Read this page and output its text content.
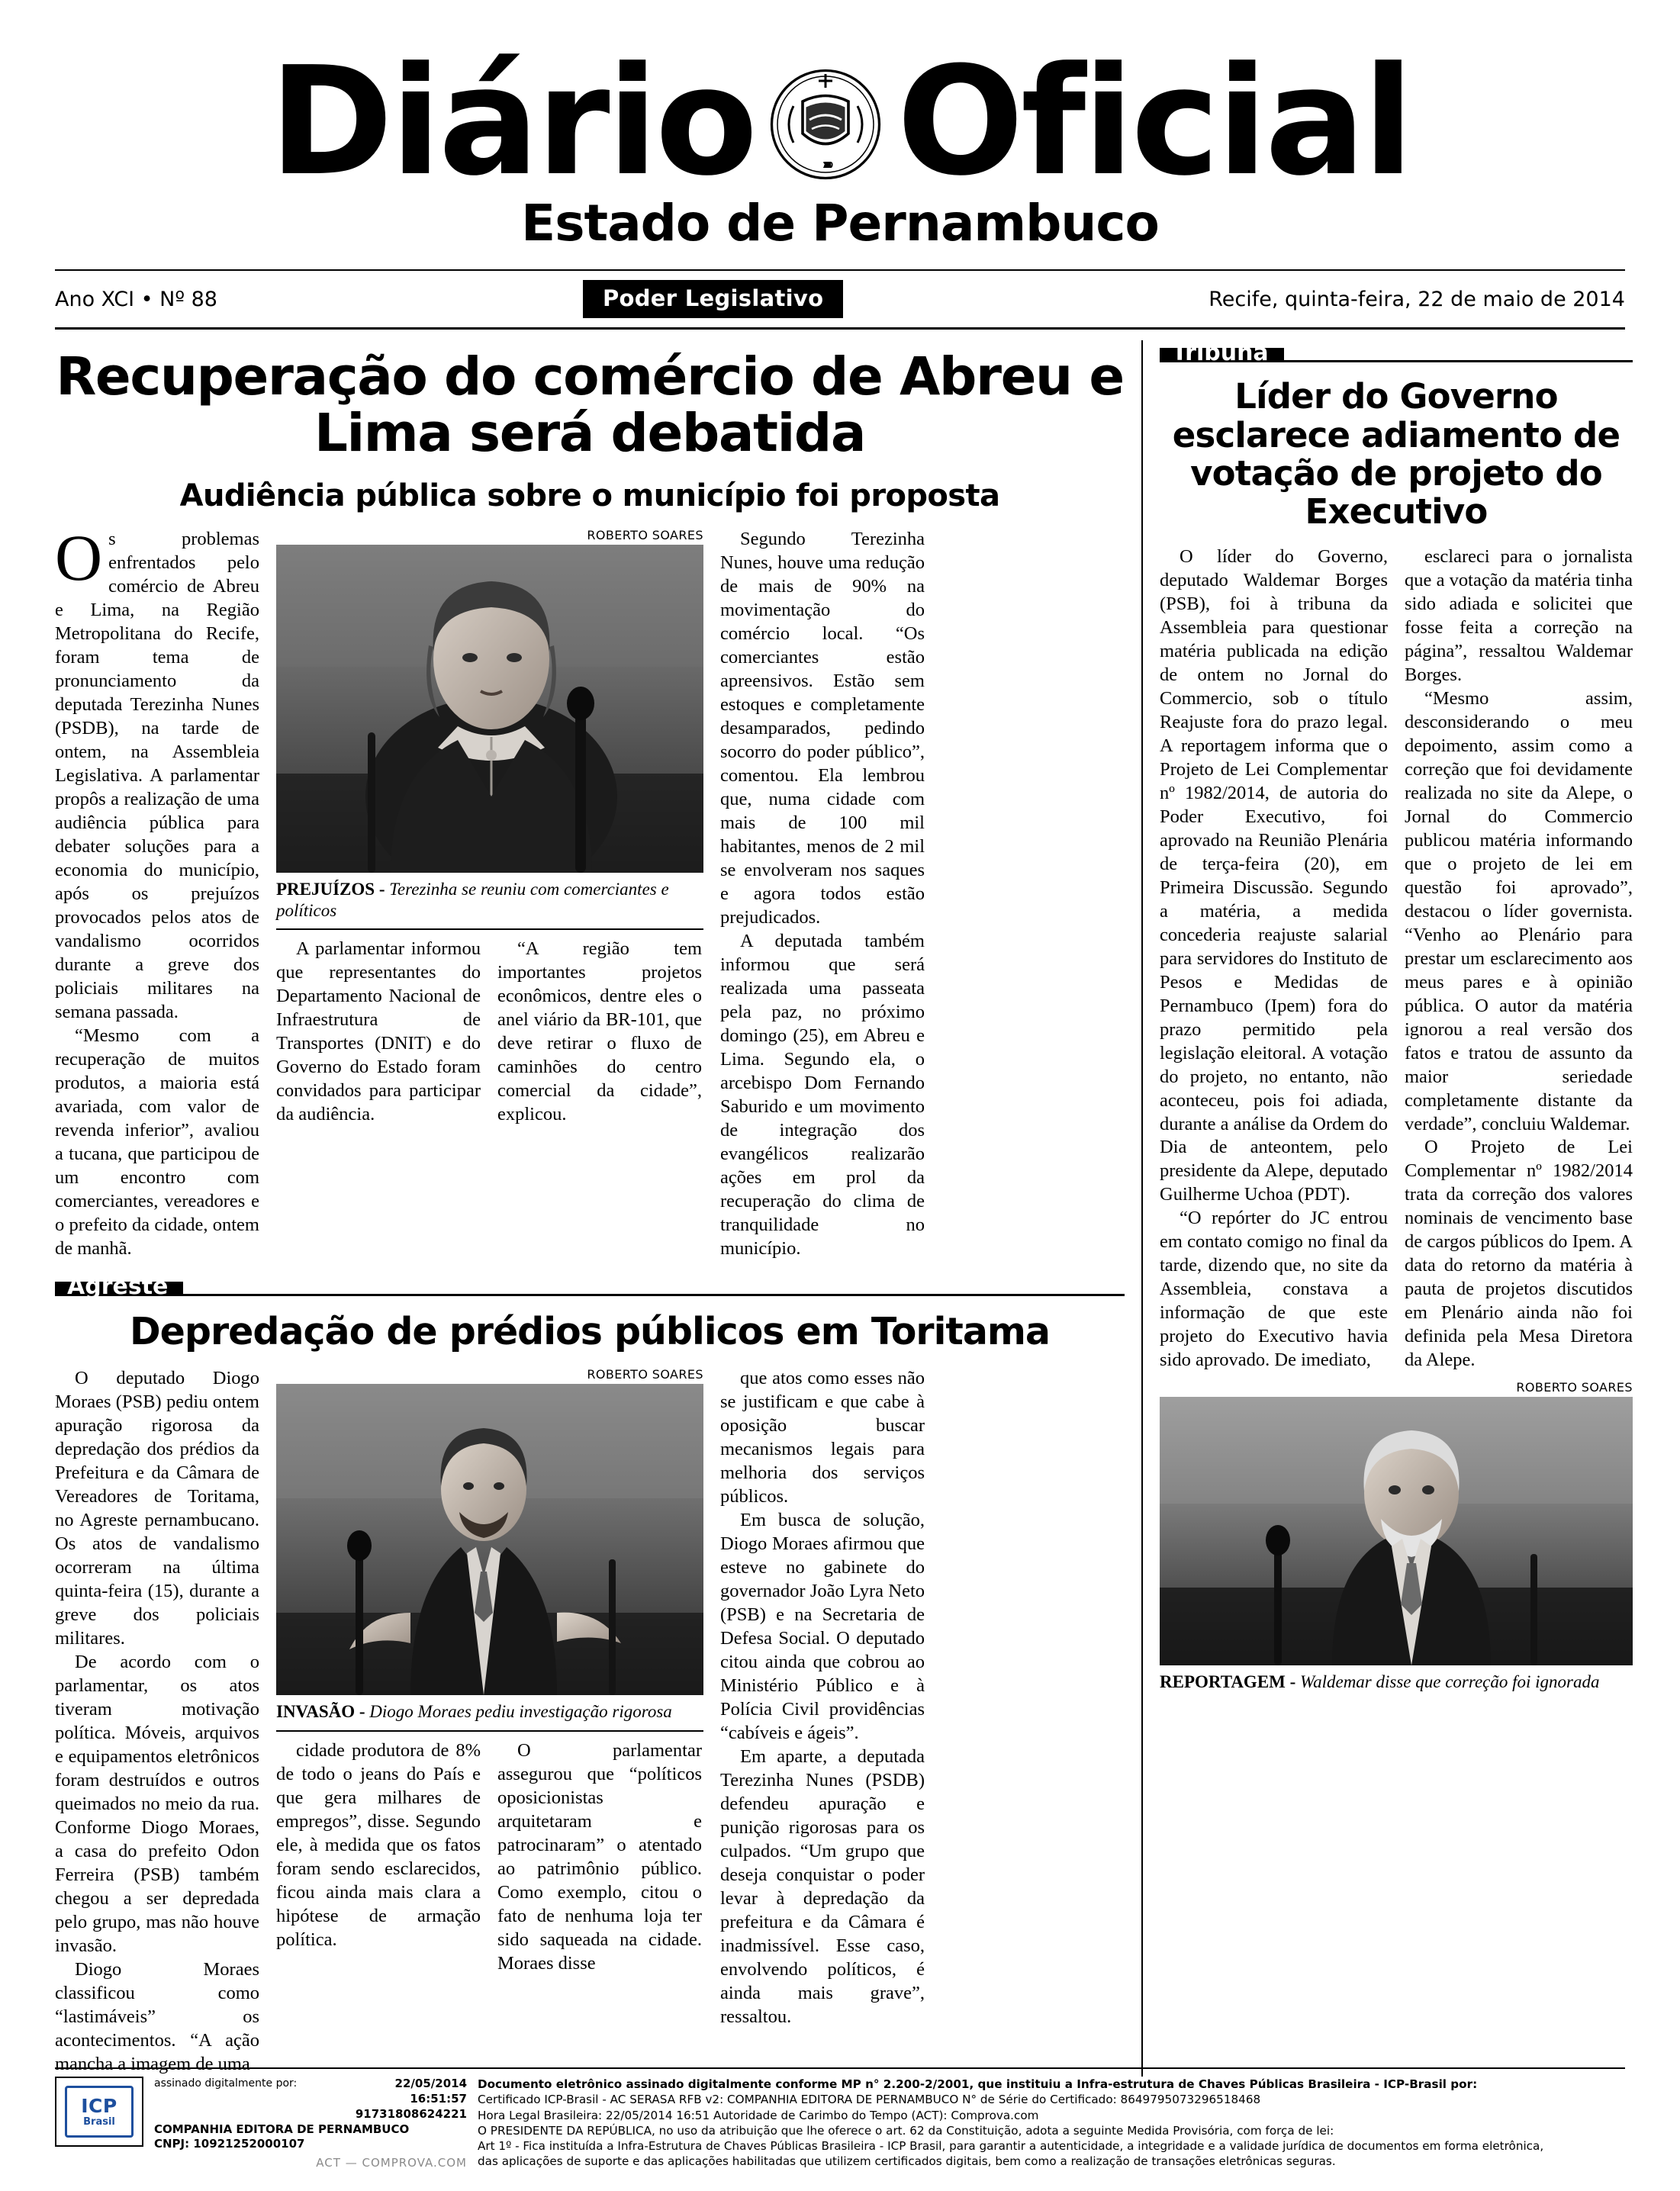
Diário	1710 · 1824 · 1825 Oficial
Estado de Pernambuco
Ano XCI • Nº 88	Poder Legislativo	Recife, quinta-feira, 22 de maio de 2014
Recuperação do comércio de Abreu e Lima será debatida
Audiência pública sobre o município foi proposta

Os problemas enfrentados pelo comércio de Abreu e Lima, na Região Metropolitana do Recife, foram tema de pronunciamento da deputada Terezinha Nunes (PSDB), na tarde de ontem, na Assembleia Legislativa. A parlamentar propôs a realização de uma audiência pública para debater soluções para a economia do município, após os prejuízos provocados pelos atos de vandalismo ocorridos durante a greve dos policiais militares na semana passada.

“Mesmo com a recuperação de muitos produtos, a maioria está avariada, com valor de revenda inferior”, avaliou a tucana, que participou de um encontro com comerciantes, vereadores e o prefeito da cidade, ontem de manhã.

ROBERTO SOARES
PREJUÍZOS - Terezinha se reuniu com comerciantes e políticos

A parlamentar informou que representantes do Departamento Nacional de Infraestrutura de Transportes (DNIT) e do Governo do Estado foram convidados para participar da audiência.

“A região tem importantes projetos econômicos, dentre eles o anel viário da BR-101, que deve retirar o fluxo de caminhões do centro comercial da cidade”, explicou.

Segundo Terezinha Nunes, houve uma redução de mais de 90% na movimentação do comércio local. “Os comerciantes estão apreensivos. Estão sem estoques e completamente desamparados, pedindo socorro do poder público”, comentou. Ela lembrou que, numa cidade com mais de 100 mil habitantes, menos de 2 mil se envolveram nos saques e agora todos estão prejudicados.

A deputada também informou que será realizada uma passeata pela paz, no próximo domingo (25), em Abreu e Lima. Segundo ela, o arcebispo Dom Fernando Saburido e um movimento de integração dos evangélicos realizarão ações em prol da recuperação do clima de tranquilidade no município.

Agreste
Depredação de prédios públicos em Toritama

O deputado Diogo Moraes (PSB) pediu ontem apuração rigorosa da depredação dos prédios da Prefeitura e da Câmara de Vereadores de Toritama, no Agreste pernambucano. Os atos de vandalismo ocorreram na última quinta-feira (15), durante a greve dos policiais militares.

De acordo com o parlamentar, os atos tiveram motivação política. Móveis, arquivos e equipamentos eletrônicos foram destruídos e outros queimados no meio da rua. Conforme Diogo Moraes, a casa do prefeito Odon Ferreira (PSB) também chegou a ser depredada pelo grupo, mas não houve invasão.

Diogo Moraes classificou como “lastimáveis” os acontecimentos. “A ação mancha a imagem de uma

ROBERTO SOARES
INVASÃO - Diogo Moraes pediu investigação rigorosa

cidade produtora de 8% de todo o jeans do País e que gera milhares de empregos”, disse. Segundo ele, à medida que os fatos foram sendo esclarecidos, ficou ainda mais clara a hipótese de armação política.

O parlamentar assegurou que “políticos oposicionistas arquitetaram e patrocinaram” o atentado ao patrimônio público. Como exemplo, citou o fato de nenhuma loja ter sido saqueada na cidade. Moraes disse

que atos como esses não se justificam e que cabe à oposição buscar mecanismos legais para melhoria dos serviços públicos.

Em busca de solução, Diogo Moraes afirmou que esteve no gabinete do governador João Lyra Neto (PSB) e na Secretaria de Defesa Social. O deputado citou ainda que cobrou ao Ministério Público e à Polícia Civil providências “cabíveis e ágeis”.

Em aparte, a deputada Terezinha Nunes (PSDB) defendeu apuração e punição rigorosas para os culpados. “Um grupo que deseja conquistar o poder levar à depredação da prefeitura e da Câmara é inadmissível. Esse caso, envolvendo políticos, é ainda mais grave”, ressaltou.

Tribuna
Líder do Governo esclarece adiamento de votação de projeto do Executivo

O líder do Governo, deputado Waldemar Borges (PSB), foi à tribuna da Assembleia para questionar matéria publicada na edição de ontem no Jornal do Commercio, sob o título Reajuste fora do prazo legal. A reportagem informa que o Projeto de Lei Complementar nº 1982/2014, de autoria do Poder Executivo, foi aprovado na Reunião Plenária de terça-feira (20), em Primeira Discussão. Segundo a matéria, a medida concederia reajuste salarial para servidores do Instituto de Pesos e Medidas de Pernambuco (Ipem) fora do prazo permitido pela legislação eleitoral. A votação do projeto, no entanto, não aconteceu, pois foi adiada, durante a análise da Ordem do Dia de anteontem, pelo presidente da Alepe, deputado Guilherme Uchoa (PDT).

“O repórter do JC entrou em contato comigo no final da tarde, dizendo que, no site da Assembleia, constava a informação de que este projeto do Executivo havia sido aprovado. De imediato,

esclareci para o jornalista que a votação da matéria tinha sido adiada e solicitei que fosse feita a correção na página”, ressaltou Waldemar Borges.

“Mesmo assim, desconsiderando o meu depoimento, assim como a correção que foi devidamente realizada no site da Alepe, o Jornal do Commercio publicou matéria informando que o projeto de lei em questão foi aprovado”, destacou o líder governista. “Venho ao Plenário para prestar um esclarecimento aos meus pares e à opinião pública. O autor da matéria ignorou a real versão dos fatos e tratou de assunto da maior seriedade completamente distante da verdade”, concluiu Waldemar.

O Projeto de Lei Complementar nº 1982/2014 trata da correção dos valores nominais de vencimento base de cargos públicos do Ipem. A data do retorno da matéria à pauta de projetos discutidos em Plenário ainda não foi definida pela Mesa Diretora da Alepe.

ROBERTO SOARES
REPORTAGEM - Waldemar disse que correção foi ignorada
ICP
Brasil
assinado digitalmente por:	22/05/2014
16:51:57
91731808624221
COMPANHIA EDITORA DE PERNAMBUCO
CNPJ: 10921252000107
ACT — COMPROVA.COM
Documento eletrônico assinado digitalmente conforme MP n° 2.200-2/2001, que instituiu a Infra-estrutura de Chaves Públicas Brasileira - ICP-Brasil por:
Certificado ICP-Brasil - AC SERASA RFB v2: COMPANHIA EDITORA DE PERNAMBUCO N° de Série do Certificado: 8649795073296518468
Hora Legal Brasileira: 22/05/2014 16:51 Autoridade de Carimbo do Tempo (ACT): Comprova.com
O PRESIDENTE DA REPÚBLICA, no uso da atribuição que lhe oferece o art. 62 da Constituição, adota a seguinte Medida Provisória, com força de lei:
Art 1º - Fica instituída a Infra-Estrutura de Chaves Públicas Brasileira - ICP Brasil, para garantir a autenticidade, a integridade e a validade jurídica de documentos em forma eletrônica,
das aplicações de suporte e das aplicações habilitadas que utilizem certificados digitais, bem como a realização de transações eletrônicas seguras.
